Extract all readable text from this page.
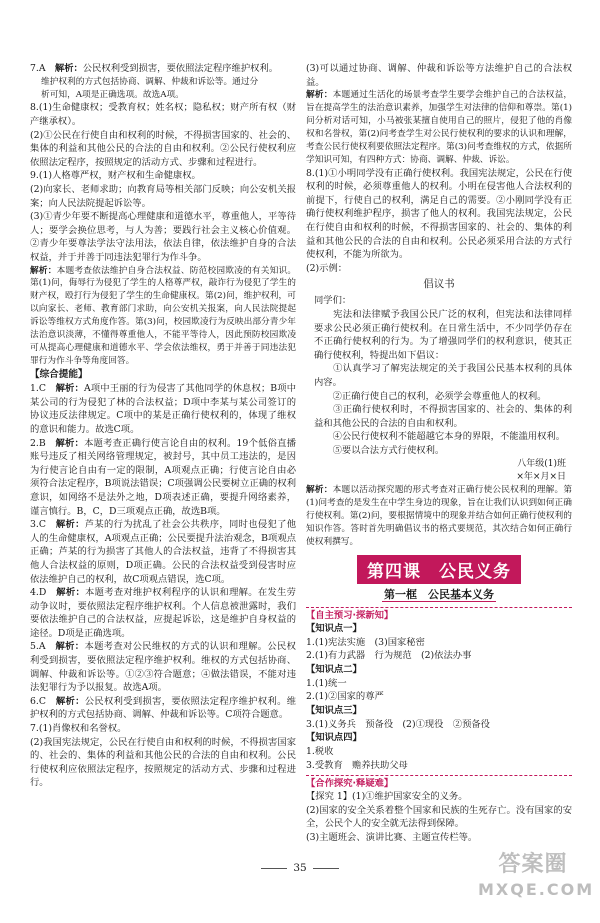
7.A　解析：公民权利受到损害，要依照法定程序维护权利。

维护权利的方式包括协商、调解、仲裁和诉讼等。通过分

析可知，A项是正确选项。故选A项。

8.(1)生命健康权；受教育权；姓名权；隐私权；财产所有权（财产继承权）。

(2)①公民在行使自由和权利的时候，不得损害国家的、社会的、集体的利益和其他公民的合法的自由和权利。②公民行使权利应依照法定程序，按照规定的活动方式、步骤和过程进行。

9.(1)人格尊严权，财产权和生命健康权。

(2)向家长、老师求助；向教育局等相关部门反映；向公安机关报案；向人民法院提起诉讼等。

(3)①青少年要不断提高心理健康和道德水平，尊重他人，平等待人；要学会换位思考，与人为善；要践行社会主义核心价值观。②青少年要尊法学法守法用法，依法自律，依法维护自身的合法权益，并于并善于同违法犯罪行为作斗争。

解析：本题考查依法维护自身合法权益、防范校园欺凌的有关知识。第(1)问，侮辱行为侵犯了学生的人格尊严权，敲诈行为侵犯了学生的财产权，殴打行为侵犯了学生的生命健康权。第(2)问，维护权利，可以向家长、老师、教育部门求助，向公安机关报案，向人民法院提起诉讼等维权方式角度作答。第(3)问，校园欺凌行为反映出部分青少年法治意识淡薄，不懂得尊重他人，不能平等待人，因此预防校园欺凌可从提高心理健康和道德水平、学会依法维权，勇于并善于同违法犯罪行为作斗争等角度回答。

【综合提能】

1.C　解析：A项中王丽的行为侵害了其他同学的休息权；B项中某公司的行为侵犯了林的合法权益；D项中李某与某公司签订的协议违反法律规定。C项中的某是正确行使权利的，体现了维权的意识和能力。故选C项。

2.B　解析：本题考查正确行使言论自由的权利。19个低俗直播账号违反了相关网络管理规定，被封号，其中员工违法的，是因为行使言论自由有一定的限制，A项观点正确；行使言论自由必须符合法定程序，B项说法错误；C项强调公民要树立正确的权利意识，如网络不是法外之地，D项表述正确，要提升网络素养，谨言慎行。B，C，D三项观点正确，故选B项。

3.C　解析：芦某的行为扰乱了社会公共秩序，同时也侵犯了他人的生命健康权，A项观点正确；公民要提升法治观念，B项观点正确；芦某的行为损害了其他人的合法权益，违背了不得损害其他人合法权益的原则，D项正确。公民的合法权益受到侵害时应依法维护自己的权利，故C项观点错误，选C项。

4.D　解析：本题考查对维护权利程序的认识和理解。在发生劳动争议时，要依照法定程序维护权利。个人信息被泄露时，我们要依法维护自己的合法权益，应提起诉讼，这是维护自身权益的途径。D项是正确选项。

5.A　解析：本题考查对公民维权的方式的认识和理解。公民权利受到损害，要依照法定程序维护权利。维权的方式包括协商、调解、仲裁和诉讼等。①②③符合题意；④做法错误，不能对违法犯罪行为予以报复。故选A项。

6.C　解析：公民权利受到损害，要依照法定程序维护权利。维护权利的方式包括协商、调解、仲裁和诉讼等。C项符合题意。

7.(1)肖像权和名誉权。

(2)我国宪法规定，公民在行使自由和权利的时候，不得损害国家的、社会的、集体的利益和其他公民的合法的自由和权利。公民行使权利应依照法定程序，按照规定的活动方式、步骤和过程进行。

(3)可以通过协商、调解、仲裁和诉讼等方法维护自己的合法权益。

解析：本题通过生活化的场景考查学生要学会维护自己的合法权益，旨在提高学生的法治意识素养，加强学生对法律的信仰和尊崇。第(1)问分析对话可知，小马被张某擅自使用自己的照片，侵犯了他的肖像权和名誉权，第(2)问考查学生对公民行使权利的要求的认识和理解，考查公民行使权利要依照法定程序。第(3)问考查维权的方式，依据所学知识可知，有四种方式：协商、调解、仲裁、诉讼。

8.(1)①小明同学没有正确行使权利。我国宪法规定，公民在行使权利的时候，必须尊重他人的权利。小明在侵害他人合法权利的前提下，行使自己的权利，满足自己的需要。②小刚同学没有正确行使权利维护程序，损害了他人的权利。我国宪法规定，公民在行使自由和权利的时候，不得损害国家的、社会的、集体的利益和其他公民的合法的自由和权利。公民必须采用合法的方式行使权利，不能为所欲为。

(2)示例：

倡议书

同学们：

　　宪法和法律赋予我国公民广泛的权利，但宪法和法律同样要求公民必须正确行使权利。在日常生活中，不少同学仍存在不正确行使权利的行为。为了增强同学们的权利意识，使其正确行使权利，特提出如下倡议：

　　①认真学习了解宪法规定的关于我国公民基本权利的具体内容。

　　②正确行使自己的权利，必须学会尊重他人的权利。

　　③正确行使权利时，不得损害国家的、社会的、集体的利益和其他公民的合法的自由和权利。

　　④公民行使权利不能超越它本身的界限，不能滥用权利。

　　⑤要以合法方式行使权利。

八年级(1)班

×年×月×日

解析：本题以活动探究题的形式考查对正确行使公民权利的理解。第(1)问考查的是发生在中学生身边的现象，旨在让我们认识到如何正确行使权利。第(2)问，要根据情境中的现象并结合如何正确行使权利的知识作答。答时首先明确倡议书的格式要规范，其次结合如何正确行使权利撰写。

第四课　公民义务
第一框　公民基本义务
【自主预习·探新知】

【知识点一】

1.(1)宪法实施　(3)国家秘密

2.(1)有力武器　行为规范　(2)依法办事

【知识点二】

1.(1)统一

2.(1)②国家的尊严

【知识点三】

3.(1)义务兵　预备役　(2)①现役　②预备役

【知识点四】

1.税收

3.受教育　赡养扶助父母

【合作探究·释疑难】

【探究 1】(1)①维护国家安全的义务。

(2)国家的安全关系着整个国家和民族的生死存亡。没有国家的安全，公民个人的安全就无法得到保障。

(3)主题班会、演讲比赛、主题宣传栏等。

35	答案圈
MXQE.COM
